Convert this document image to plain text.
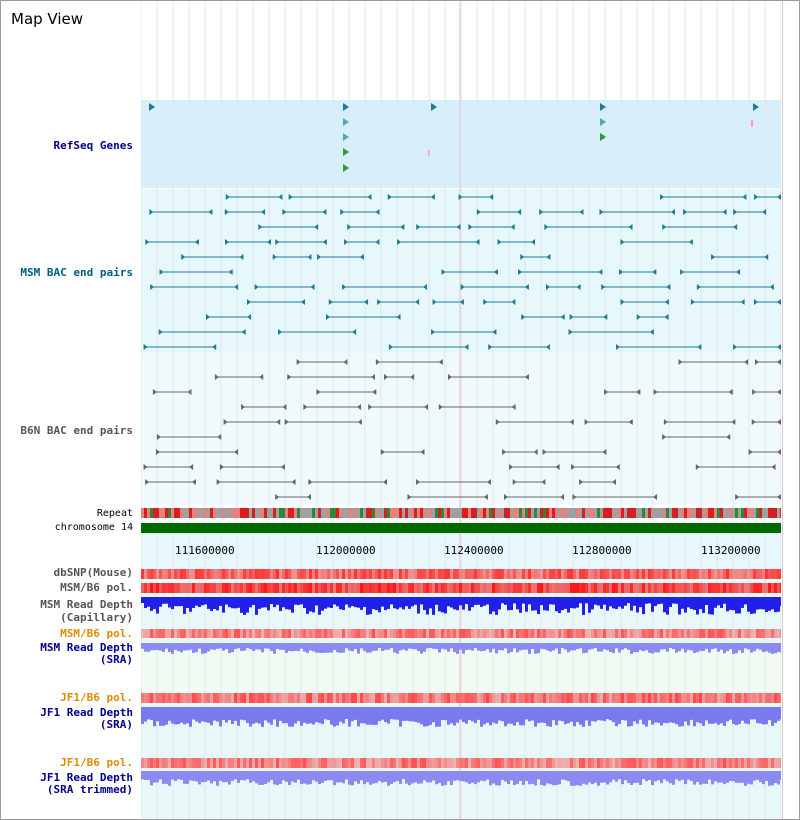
Map View
111600000	112000000	112400000	112800000	113200000
RefSeq Genes
MSM BAC end pairs
B6N BAC end pairs
Repeat
chromosome 14
dbSNP(Mouse)
MSM/B6 pol.
MSM Read Depth
(Capillary)
MSM/B6 pol.
MSM Read Depth
(SRA)
JF1/B6 pol.
JF1 Read Depth
(SRA)
JF1/B6 pol.
JF1 Read Depth
(SRA trimmed)
